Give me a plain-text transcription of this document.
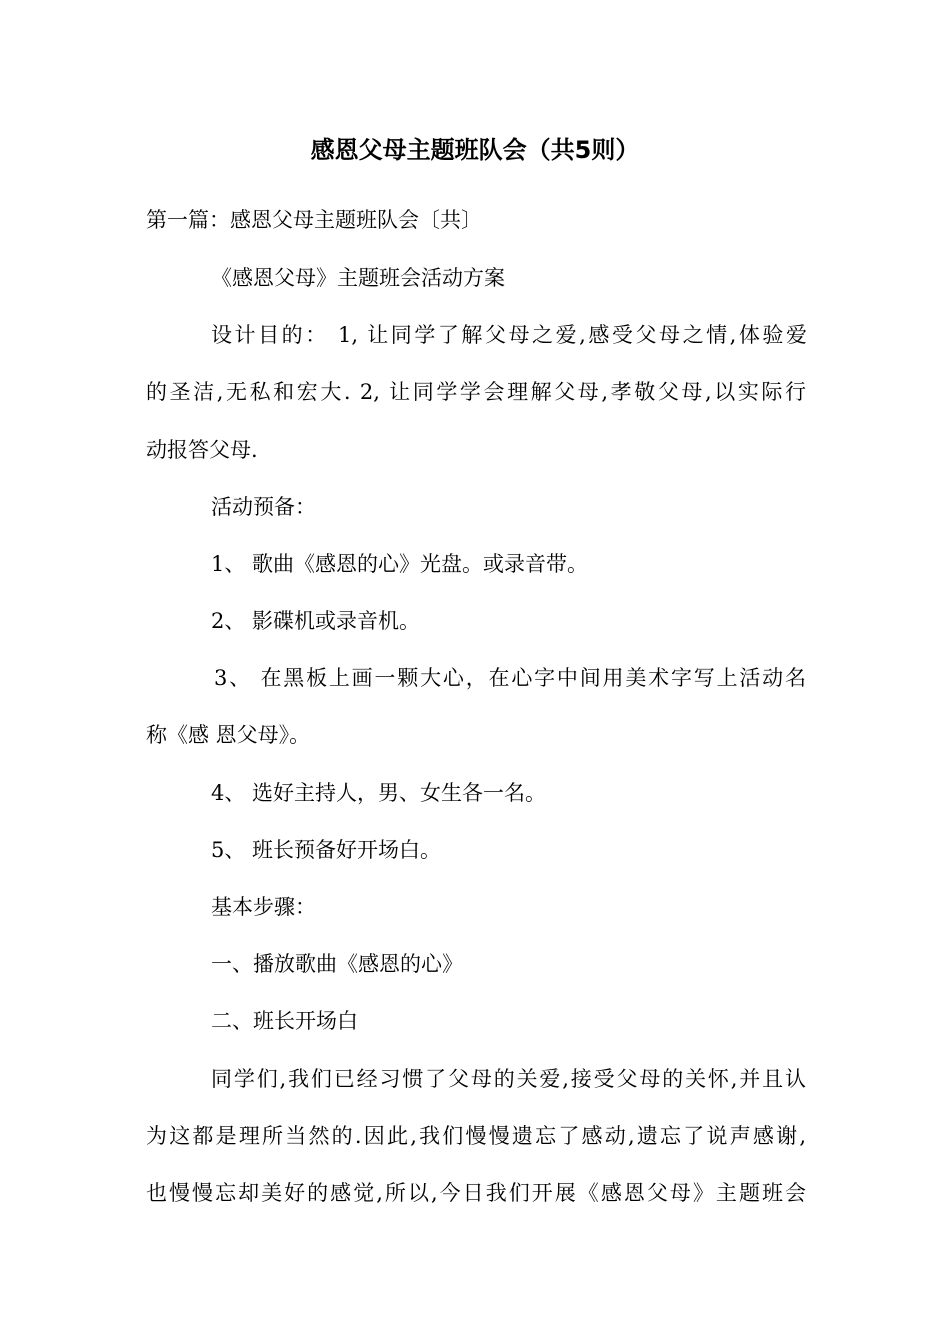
感恩父母主题班队会（共5则）
第一篇：感恩父母主题班队会〔共〕
《感恩父母》主题班会活动方案
设计目的： 1, 让同学了解父母之爱,感受父母之情,体验爱
的圣洁,无私和宏大. 2, 让同学学会理解父母,孝敬父母,以实际行
动报答父母.
活动预备：
1、 歌曲《感恩的心》光盘。或录音带。
2、 影碟机或录音机。
3、 在黑板上画一颗大心，在心字中间用美术字写上活动名
称《感 恩父母》。
4、 选好主持人，男、女生各一名。
5、 班长预备好开场白。
基本步骤：
一、播放歌曲《感恩的心》
二、班长开场白
同学们,我们已经习惯了父母的关爱,接受父母的关怀,并且认
为这都是理所当然的.因此,我们慢慢遗忘了感动,遗忘了说声感谢,
也慢慢忘却美好的感觉,所以,今日我们开展《感恩父母》主题班会
